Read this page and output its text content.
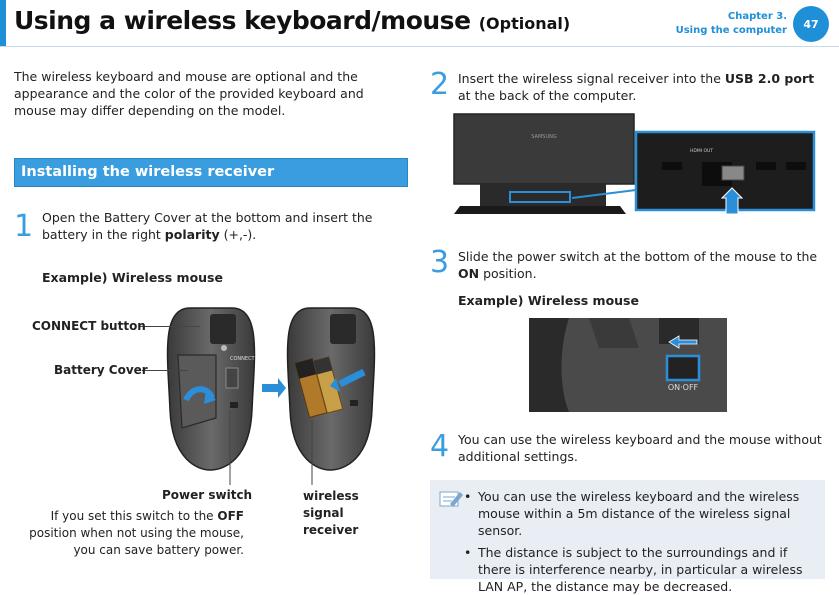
Using a wireless keyboard/mouse (Optional)	Chapter 3.
Using the computer	47
The wireless keyboard and mouse are optional and the appearance and the color of the provided keyboard and mouse may differ depending on the model.
Installing the wireless receiver
1 Open the Battery Cover at the bottom and insert the battery in the right polarity (+,-).
Example) Wireless mouse
CONNECT
CONNECT button
Battery Cover
Power switch	wireless signal receiver
If you set this switch to the OFF position when not using the mouse, you can save battery power.
2 Insert the wireless signal receiver into the USB 2.0 port at the back of the computer.
SAMSUNG
HDMI OUT
3 Slide the power switch at the bottom of the mouse to the ON position.
Example) Wireless mouse
ON·OFF
4 You can use the wireless keyboard and the mouse without additional settings.
• You can use the wireless keyboard and the wireless mouse within a 5m distance of the wireless signal sensor.
• The distance is subject to the surroundings and if there is interference nearby, in particular a wireless LAN AP, the distance may be decreased.
